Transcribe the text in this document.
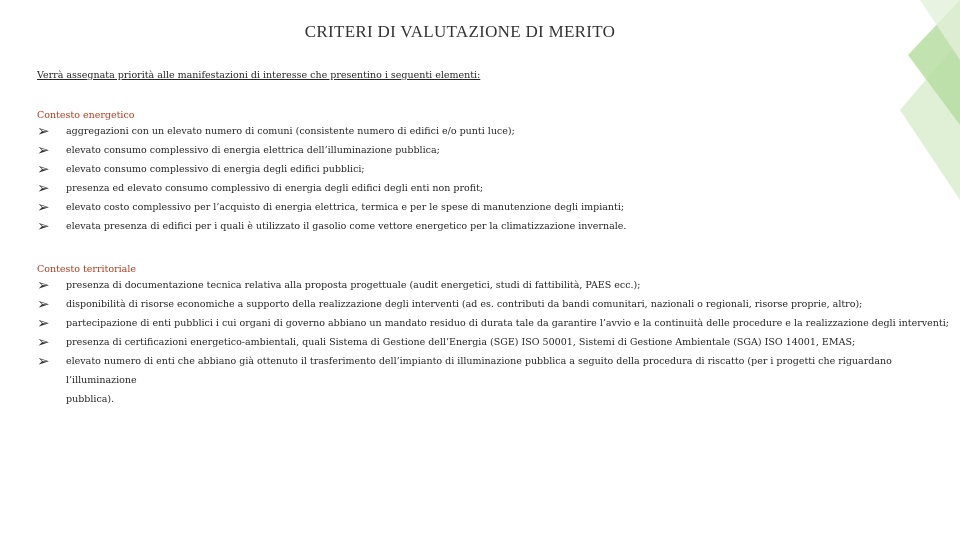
CRITERI DI VALUTAZIONE DI MERITO
Verrà assegnata priorità alle manifestazioni di interesse che presentino i seguenti elementi:
Contesto energetico
➢ aggregazioni con un elevato numero di comuni (consistente numero di edifici e/o punti luce);
➢ elevato consumo complessivo di energia elettrica dell’illuminazione pubblica;
➢ elevato consumo complessivo di energia degli edifici pubblici;
➢ presenza ed elevato consumo complessivo di energia degli edifici degli enti non profit;
➢ elevato costo complessivo per l’acquisto di energia elettrica, termica e per le spese di manutenzione degli impianti;
➢ elevata presenza di edifici per i quali è utilizzato il gasolio come vettore energetico per la climatizzazione invernale.
Contesto territoriale
➢ presenza di documentazione tecnica relativa alla proposta progettuale (audit energetici, studi di fattibilità, PAES ecc.);
➢ disponibilità di risorse economiche a supporto della realizzazione degli interventi (ad es. contributi da bandi comunitari, nazionali o regionali, risorse proprie, altro);
➢ partecipazione di enti pubblici i cui organi di governo abbiano un mandato residuo di durata tale da garantire l’avvio e la continuità delle procedure e la realizzazione degli interventi;
➢ presenza di certificazioni energetico-ambientali, quali Sistema di Gestione dell’Energia (SGE) ISO 50001, Sistemi di Gestione Ambientale (SGA) ISO 14001, EMAS;
➢ elevato numero di enti che abbiano già ottenuto il trasferimento dell’impianto di illuminazione pubblica a seguito della procedura di riscatto (per i progetti che riguardano l’illuminazione
pubblica).
